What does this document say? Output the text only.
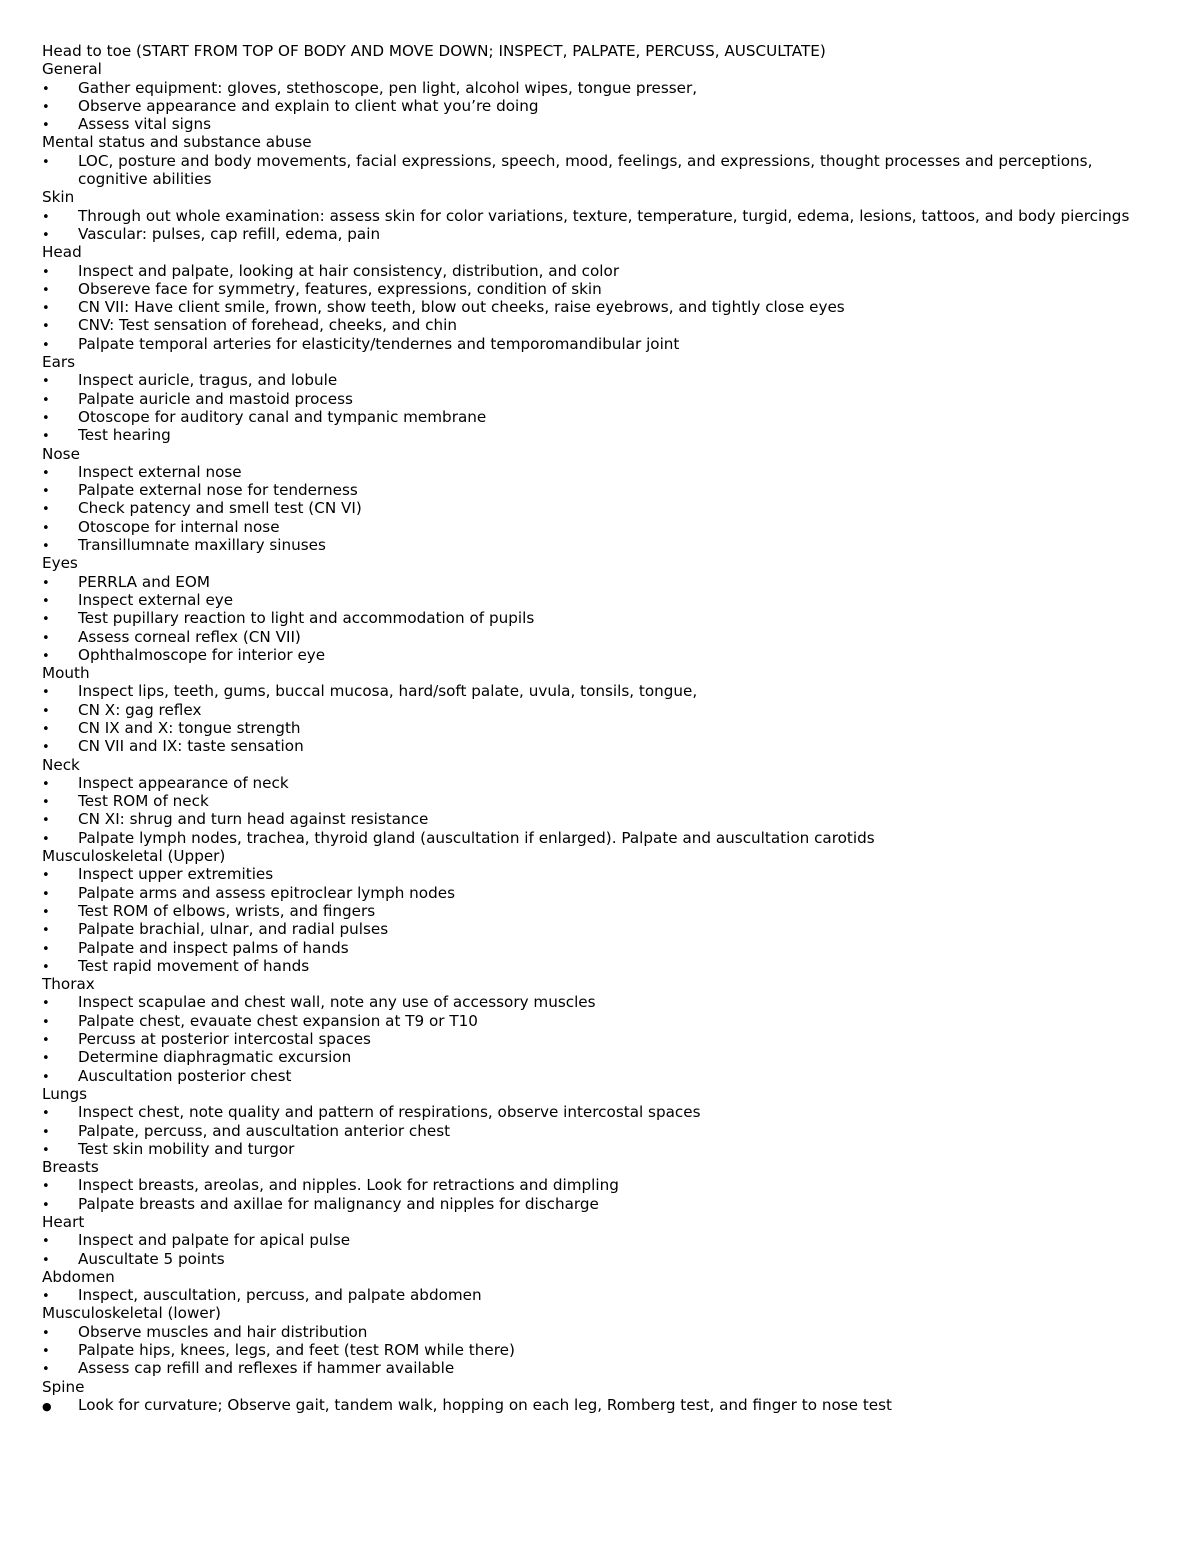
Head to toe (START FROM TOP OF BODY AND MOVE DOWN; INSPECT, PALPATE, PERCUSS, AUSCULTATE)
General
•
Gather equipment: gloves, stethoscope, pen light, alcohol wipes, tongue presser,
•
Observe appearance and explain to client what you’re doing
•
Assess vital signs
Mental status and substance abuse
•
LOC, posture and body movements, facial expressions, speech, mood, feelings, and expressions, thought processes and perceptions, cognitive abilities
Skin
•
Through out whole examination: assess skin for color variations, texture, temperature, turgid, edema, lesions, tattoos, and body piercings
•
Vascular: pulses, cap refill, edema, pain
Head
•
Inspect and palpate, looking at hair consistency, distribution, and color
•
Obsereve face for symmetry, features, expressions, condition of skin
•
CN VII: Have client smile, frown, show teeth, blow out cheeks, raise eyebrows, and tightly close eyes
•
CNV: Test sensation of forehead, cheeks, and chin
•
Palpate temporal arteries for elasticity/tendernes and temporomandibular joint
Ears
•
Inspect auricle, tragus, and lobule
•
Palpate auricle and mastoid process
•
Otoscope for auditory canal and tympanic membrane
•
Test hearing
Nose
•
Inspect external nose
•
Palpate external nose for tenderness
•
Check patency and smell test (CN VI)
•
Otoscope for internal nose
•
Transillumnate maxillary sinuses
Eyes
•
PERRLA and EOM
•
Inspect external eye
•
Test pupillary reaction to light and accommodation of pupils
•
Assess corneal reflex (CN VII)
•
Ophthalmoscope for interior eye
Mouth
•
Inspect lips, teeth, gums, buccal mucosa, hard/soft palate, uvula, tonsils, tongue,
•
CN X: gag reflex
•
CN IX and X: tongue strength
•
CN VII and IX: taste sensation
Neck
•
Inspect appearance of neck
•
Test ROM of neck
•
CN XI: shrug and turn head against resistance
•
Palpate lymph nodes, trachea, thyroid gland (auscultation if enlarged). Palpate and auscultation carotids
Musculoskeletal (Upper)
•
Inspect upper extremities
•
Palpate arms and assess epitroclear lymph nodes
•
Test ROM of elbows, wrists, and fingers
•
Palpate brachial, ulnar, and radial pulses
•
Palpate and inspect palms of hands
•
Test rapid movement of hands
Thorax
•
Inspect scapulae and chest wall, note any use of accessory muscles
•
Palpate chest, evauate chest expansion at T9 or T10
•
Percuss at posterior intercostal spaces
•
Determine diaphragmatic excursion
•
Auscultation posterior chest
Lungs
•
Inspect chest, note quality and pattern of respirations, observe intercostal spaces
•
Palpate, percuss, and auscultation anterior chest
•
Test skin mobility and turgor
Breasts
•
Inspect breasts, areolas, and nipples. Look for retractions and dimpling
•
Palpate breasts and axillae for malignancy and nipples for discharge
Heart
•
Inspect and palpate for apical pulse
•
Auscultate 5 points
Abdomen
•
Inspect, auscultation, percuss, and palpate abdomen
Musculoskeletal (lower)
•
Observe muscles and hair distribution
•
Palpate hips, knees, legs, and feet (test ROM while there)
•
Assess cap refill and reflexes if hammer available
Spine
●
Look for curvature; Observe gait, tandem walk, hopping on each leg, Romberg test, and finger to nose test
